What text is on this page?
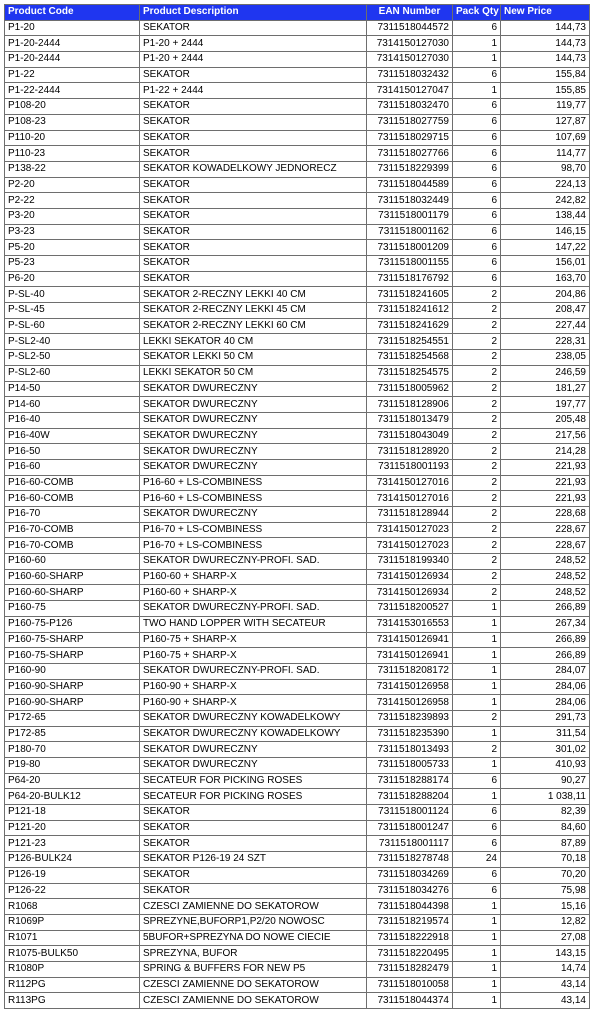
Product Code	Product Description	EAN Number	Pack Qty	New Price
P1-20	SEKATOR	7311518044572	6	144,73
P1-20-2444	P1-20 + 2444	7314150127030	1	144,73
P1-20-2444	P1-20 + 2444	7314150127030	1	144,73
P1-22	SEKATOR	7311518032432	6	155,84
P1-22-2444	P1-22 + 2444	7314150127047	1	155,85
P108-20	SEKATOR	7311518032470	6	119,77
P108-23	SEKATOR	7311518027759	6	127,87
P110-20	SEKATOR	7311518029715	6	107,69
P110-23	SEKATOR	7311518027766	6	114,77
P138-22	SEKATOR KOWADELKOWY JEDNORECZ	7311518229399	6	98,70
P2-20	SEKATOR	7311518044589	6	224,13
P2-22	SEKATOR	7311518032449	6	242,82
P3-20	SEKATOR	7311518001179	6	138,44
P3-23	SEKATOR	7311518001162	6	146,15
P5-20	SEKATOR	7311518001209	6	147,22
P5-23	SEKATOR	7311518001155	6	156,01
P6-20	SEKATOR	7311518176792	6	163,70
P-SL-40	SEKATOR 2-RECZNY LEKKI 40 CM	7311518241605	2	204,86
P-SL-45	SEKATOR 2-RECZNY LEKKI 45 CM	7311518241612	2	208,47
P-SL-60	SEKATOR 2-RECZNY LEKKI 60 CM	7311518241629	2	227,44
P-SL2-40	LEKKI SEKATOR 40 CM	7311518254551	2	228,31
P-SL2-50	SEKATOR LEKKI 50 CM	7311518254568	2	238,05
P-SL2-60	LEKKI SEKATOR 50 CM	7311518254575	2	246,59
P14-50	SEKATOR DWURECZNY	7311518005962	2	181,27
P14-60	SEKATOR DWURECZNY	7311518128906	2	197,77
P16-40	SEKATOR DWURECZNY	7311518013479	2	205,48
P16-40W	SEKATOR DWURECZNY	7311518043049	2	217,56
P16-50	SEKATOR DWURECZNY	7311518128920	2	214,28
P16-60	SEKATOR DWURECZNY	7311518001193	2	221,93
P16-60-COMB	P16-60 + LS-COMBINESS	7314150127016	2	221,93
P16-60-COMB	P16-60 + LS-COMBINESS	7314150127016	2	221,93
P16-70	SEKATOR DWURECZNY	7311518128944	2	228,68
P16-70-COMB	P16-70 + LS-COMBINESS	7314150127023	2	228,67
P16-70-COMB	P16-70 + LS-COMBINESS	7314150127023	2	228,67
P160-60	SEKATOR DWURECZNY-PROFI. SAD.	7311518199340	2	248,52
P160-60-SHARP	P160-60 + SHARP-X	7314150126934	2	248,52
P160-60-SHARP	P160-60 + SHARP-X	7314150126934	2	248,52
P160-75	SEKATOR DWURECZNY-PROFI. SAD.	7311518200527	1	266,89
P160-75-P126	TWO HAND LOPPER WITH SECATEUR	7314153016553	1	267,34
P160-75-SHARP	P160-75 + SHARP-X	7314150126941	1	266,89
P160-75-SHARP	P160-75 + SHARP-X	7314150126941	1	266,89
P160-90	SEKATOR DWURECZNY-PROFI. SAD.	7311518208172	1	284,07
P160-90-SHARP	P160-90 + SHARP-X	7314150126958	1	284,06
P160-90-SHARP	P160-90 + SHARP-X	7314150126958	1	284,06
P172-65	SEKATOR DWURECZNY KOWADELKOWY	7311518239893	2	291,73
P172-85	SEKATOR DWURECZNY KOWADELKOWY	7311518235390	1	311,54
P180-70	SEKATOR DWURECZNY	7311518013493	2	301,02
P19-80	SEKATOR DWURECZNY	7311518005733	1	410,93
P64-20	SECATEUR FOR PICKING ROSES	7311518288174	6	90,27
P64-20-BULK12	SECATEUR FOR PICKING ROSES	7311518288204	1	1 038,11
P121-18	SEKATOR	7311518001124	6	82,39
P121-20	SEKATOR	7311518001247	6	84,60
P121-23	SEKATOR	7311518001117	6	87,89
P126-BULK24	SEKATOR P126-19 24 SZT	7311518278748	24	70,18
P126-19	SEKATOR	7311518034269	6	70,20
P126-22	SEKATOR	7311518034276	6	75,98
R1068	CZESCI ZAMIENNE DO SEKATOROW	7311518044398	1	15,16
R1069P	SPREZYNE,BUFORP1,P2/20 NOWOSC	7311518219574	1	12,82
R1071	5BUFOR+SPREZYNA DO NOWE CIECIE	7311518222918	1	27,08
R1075-BULK50	SPREZYNA, BUFOR	7311518220495	1	143,15
R1080P	SPRING & BUFFERS FOR NEW P5	7311518282479	1	14,74
R112PG	CZESCI ZAMIENNE DO SEKATOROW	7311518010058	1	43,14
R113PG	CZESCI ZAMIENNE DO SEKATOROW	7311518044374	1	43,14
